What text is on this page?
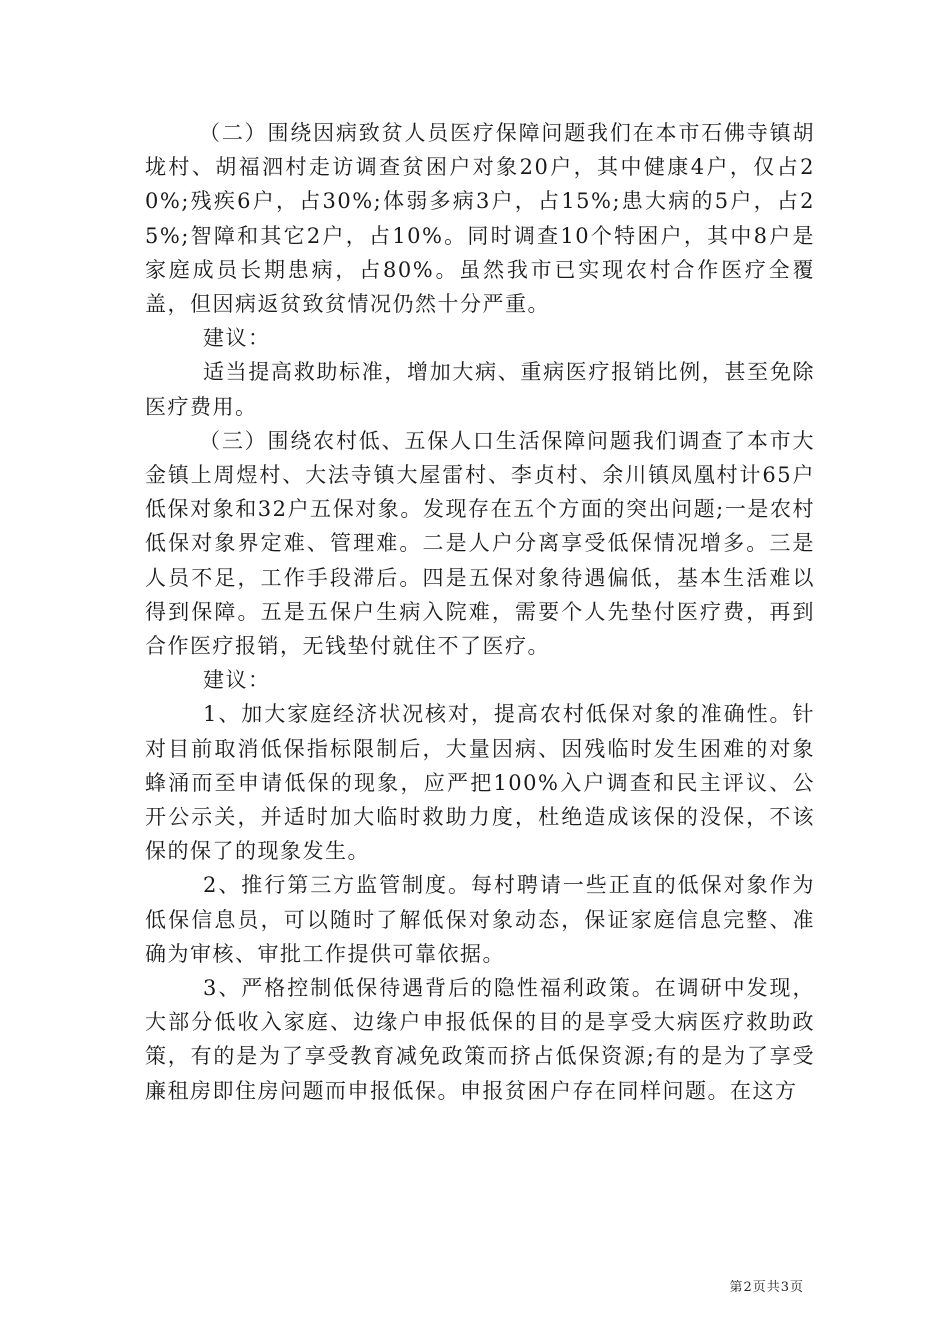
（二）围绕因病致贫人员医疗保障问题我们在本市石佛寺镇胡垅村、胡福泗村走访调查贫困户对象20户，其中健康4户，仅占20%;残疾6户，占30%;体弱多病3户，占15%;患大病的5户，占25%;智障和其它2户，占10%。同时调查10个特困户，其中8户是家庭成员长期患病，占80%。虽然我市已实现农村合作医疗全覆盖，但因病返贫致贫情况仍然十分严重。

建议：

适当提高救助标准，增加大病、重病医疗报销比例，甚至免除医疗费用。

（三）围绕农村低、五保人口生活保障问题我们调查了本市大金镇上周煜村、大法寺镇大屋雷村、李贞村、余川镇凤凰村计65户低保对象和32户五保对象。发现存在五个方面的突出问题;一是农村低保对象界定难、管理难。二是人户分离享受低保情况增多。三是人员不足，工作手段滞后。四是五保对象待遇偏低，基本生活难以得到保障。五是五保户生病入院难，需要个人先垫付医疗费，再到合作医疗报销，无钱垫付就住不了医疗。

建议：

1、加大家庭经济状况核对，提高农村低保对象的准确性。针对目前取消低保指标限制后，大量因病、因残临时发生困难的对象蜂涌而至申请低保的现象，应严把100%入户调查和民主评议、公开公示关，并适时加大临时救助力度，杜绝造成该保的没保，不该保的保了的现象发生。

2、推行第三方监管制度。每村聘请一些正直的低保对象作为低保信息员，可以随时了解低保对象动态，保证家庭信息完整、准确为审核、审批工作提供可靠依据。

3、严格控制低保待遇背后的隐性福利政策。在调研中发现，大部分低收入家庭、边缘户申报低保的目的是享受大病医疗救助政策，有的是为了享受教育减免政策而挤占低保资源;有的是为了享受廉租房即住房问题而申报低保。申报贫困户存在同样问题。在这方

第2页共3页
